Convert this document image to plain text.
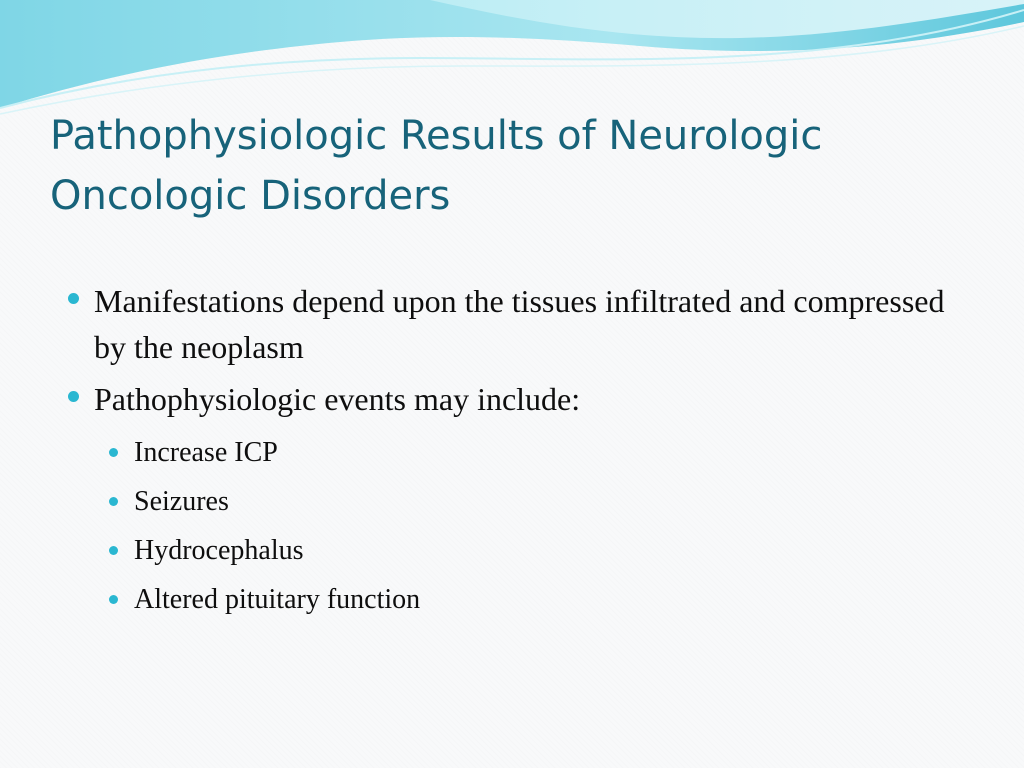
Pathophysiologic Results of Neurologic Oncologic Disorders
Manifestations depend upon the tissues infiltrated and compressed by the neoplasm
Pathophysiologic events may include:
Increase ICP
Seizures
Hydrocephalus
Altered pituitary function
